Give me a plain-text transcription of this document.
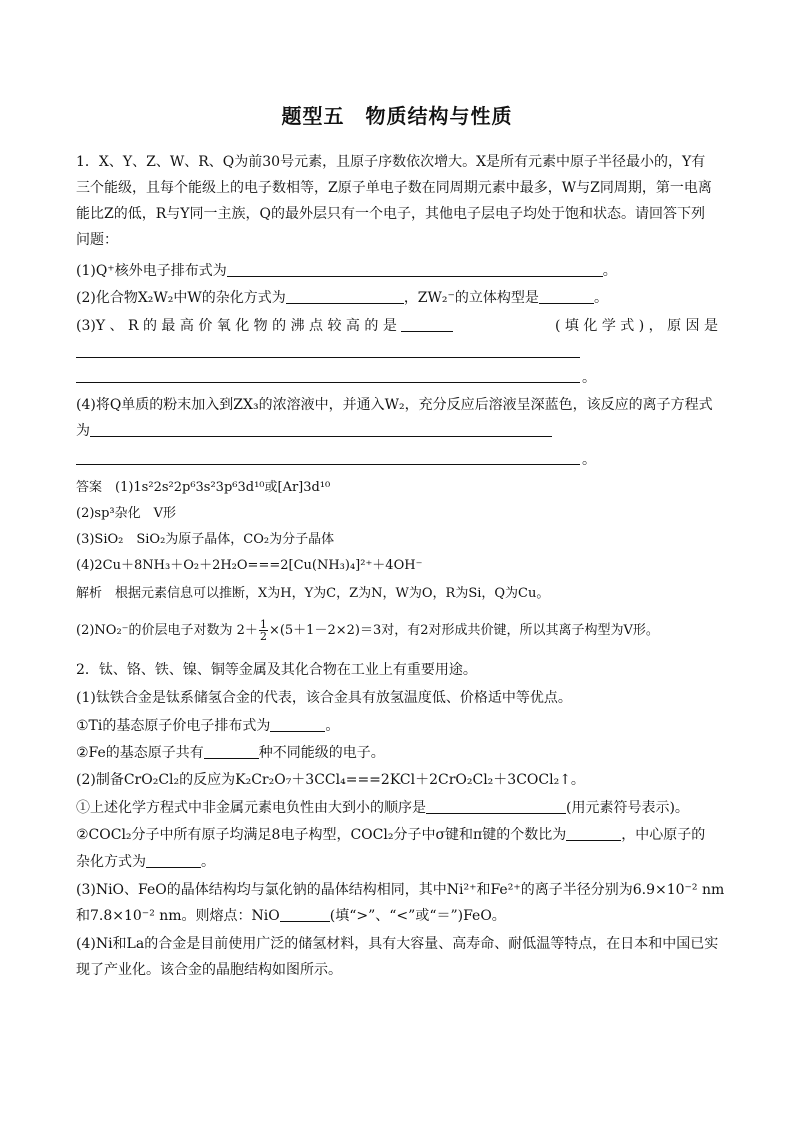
题型五　物质结构与性质
1．X、Y、Z、W、R、Q为前30号元素，且原子序数依次增大。X是所有元素中原子半径最小的，Y有
三个能级，且每个能级上的电子数相等，Z原子单电子数在同周期元素中最多，W与Z同周期，第一电离
能比Z的低，R与Y同一主族，Q的最外层只有一个电子，其他电子层电子均处于饱和状态。请回答下列
问题：
(1)Q⁺核外电子排布式为	。
(2)化合物X₂W₂中W的杂化方式为	，ZW₂⁻的立体构型是	。
(3)Y 、 R 的 最 高 价 氧 化 物 的 沸 点 较 高 的 是	( 填 化 学 式 ) ， 原 因 是
。
(4)将Q单质的粉末加入到ZX₃的浓溶液中，并通入W₂，充分反应后溶液呈深蓝色，该反应的离子方程式
为
。
答案　(1)1s²2s²2p⁶3s²3p⁶3d¹⁰或[Ar]3d¹⁰
(2)sp³杂化　V形
(3)SiO₂　SiO₂为原子晶体，CO₂为分子晶体
(4)2Cu＋8NH₃＋O₂＋2H₂O===2[Cu(NH₃)₄]²⁺＋4OH⁻
解析　根据元素信息可以推断，X为H，Y为C，Z为N，W为O，R为Si，Q为Cu。
(2)NO₂⁻的价层电子对数为 $2+ \frac{1}{2} \times(5+1-2\times 2)=3$对，有2对形成共价键，所以其离子构型为V形。
2．钛、铬、铁、镍、铜等金属及其化合物在工业上有重要用途。
(1)钛铁合金是钛系储氢合金的代表，该合金具有放氢温度低、价格适中等优点。
①Ti的基态原子价电子排布式为	。
②Fe的基态原子共有	种不同能级的电子。
(2)制备CrO₂Cl₂的反应为K₂Cr₂O₇＋3CCl₄===2KCl＋2CrO₂Cl₂＋3COCl₂↑。
①上述化学方程式中非金属元素电负性由大到小的顺序是	(用元素符号表示)。
②COCl₂分子中所有原子均满足8电子构型，COCl₂分子中σ键和π键的个数比为	，中心原子的
杂化方式为	。
(3)NiO、FeO的晶体结构均与氯化钠的晶体结构相同，其中Ni²⁺和Fe²⁺的离子半径分别为6.9×10⁻² nm
和7.8×10⁻² nm。则熔点：NiO	(填“>”、“<”或“＝”)FeO。
(4)Ni和La的合金是目前使用广泛的储氢材料，具有大容量、高寿命、耐低温等特点，在日本和中国已实
现了产业化。该合金的晶胞结构如图所示。
